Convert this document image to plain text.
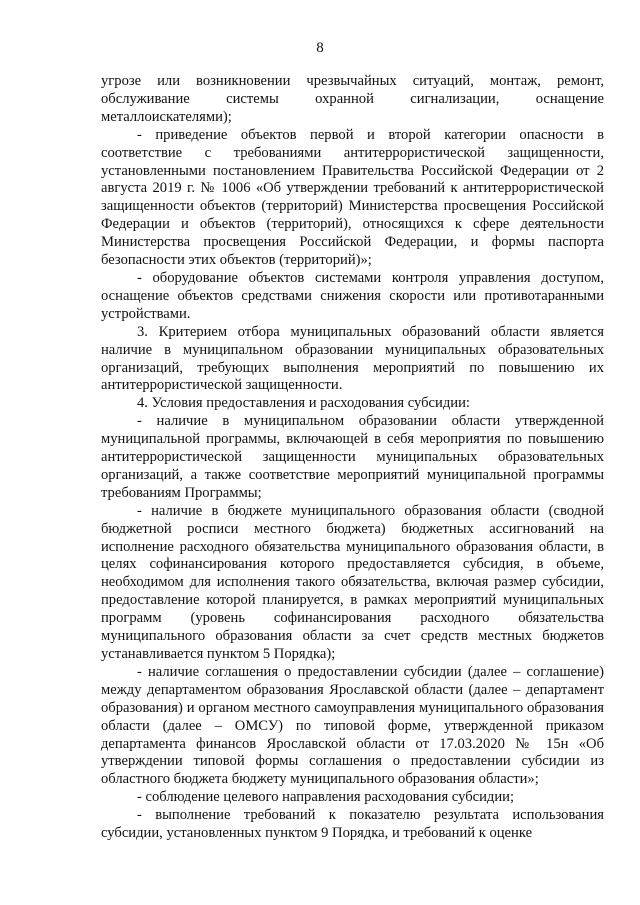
8

угрозе или возникновении чрезвычайных ситуаций, монтаж, ремонт, обслуживание системы охранной сигнализации, оснащение металлоискателями);

- приведение объектов первой и второй категории опасности в соответствие с требованиями антитеррористической защищенности, установленными постановлением Правительства Российской Федерации от 2 августа 2019 г. № 1006 «Об утверждении требований к антитеррористической защищенности объектов (территорий) Министерства просвещения Российской Федерации и объектов (территорий), относящихся к сфере деятельности Министерства просвещения Российской Федерации, и формы паспорта безопасности этих объектов (территорий)»;

- оборудование объектов системами контроля управления доступом, оснащение объектов средствами снижения скорости или противотаранными устройствами.

3. Критерием отбора муниципальных образований области является наличие в муниципальном образовании муниципальных образовательных организаций, требующих выполнения мероприятий по повышению их антитеррористической защищенности.

4. Условия предоставления и расходования субсидии:

- наличие в муниципальном образовании области утвержденной муниципальной программы, включающей в себя мероприятия по повышению антитеррористической защищенности муниципальных образовательных организаций, а также соответствие мероприятий муниципальной программы требованиям Программы;

- наличие в бюджете муниципального образования области (сводной бюджетной росписи местного бюджета) бюджетных ассигнований на исполнение расходного обязательства муниципального образования области, в целях софинансирования которого предоставляется субсидия, в объеме, необходимом для исполнения такого обязательства, включая размер субсидии, предоставление которой планируется, в рамках мероприятий муниципальных программ (уровень софинансирования расходного обязательства муниципального образования области за счет средств местных бюджетов устанавливается пунктом 5 Порядка);

- наличие соглашения о предоставлении субсидии (далее – соглашение) между департаментом образования Ярославской области (далее – департамент образования) и органом местного самоуправления муниципального образования области (далее – ОМСУ) по типовой форме, утвержденной приказом департамента финансов Ярославской области от 17.03.2020 № 15н «Об утверждении типовой формы соглашения о предоставлении субсидии из областного бюджета бюджету муниципального образования области»;

- соблюдение целевого направления расходования субсидии;

- выполнение требований к показателю результата использования субсидии, установленных пунктом 9 Порядка, и требований к оценке
